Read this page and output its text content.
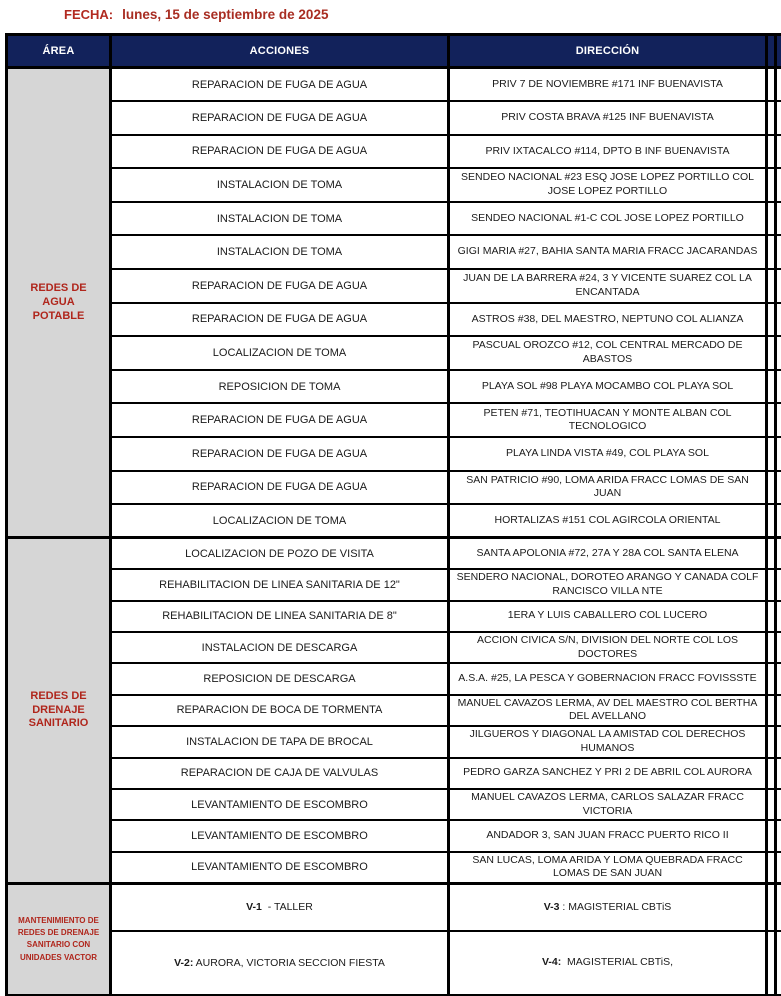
FECHA: lunes, 15 de septiembre de 2025
ÁREA	ACCIONES	DIRECCIÓN		
REDES DE AGUA POTABLE	REPARACION DE FUGA DE AGUA	PRIV 7 DE NOVIEMBRE #171 INF BUENAVISTA		
	REPARACION DE FUGA DE AGUA	PRIV COSTA BRAVA #125 INF BUENAVISTA		
	REPARACION DE FUGA DE AGUA	PRIV IXTACALCO #114, DPTO B INF BUENAVISTA		
	INSTALACION DE TOMA	SENDEO NACIONAL #23 ESQ JOSE LOPEZ PORTILLO COL JOSE LOPEZ PORTILLO		
	INSTALACION DE TOMA	SENDEO NACIONAL #1-C COL JOSE LOPEZ PORTILLO		
	INSTALACION DE TOMA	GIGI MARIA #27, BAHIA SANTA MARIA FRACC JACARANDAS		
	REPARACION DE FUGA DE AGUA	JUAN DE LA BARRERA #24, 3 Y VICENTE SUAREZ COL LA ENCANTADA		
	REPARACION DE FUGA DE AGUA	ASTROS #38, DEL MAESTRO, NEPTUNO COL ALIANZA		
	LOCALIZACION DE TOMA	PASCUAL OROZCO #12, COL CENTRAL MERCADO DE ABASTOS		
	REPOSICION DE TOMA	PLAYA SOL #98 PLAYA MOCAMBO COL PLAYA SOL		
	REPARACION DE FUGA DE AGUA	PETEN #71, TEOTIHUACAN Y MONTE ALBAN COL TECNOLOGICO		
	REPARACION DE FUGA DE AGUA	PLAYA LINDA VISTA #49, COL PLAYA SOL		
	REPARACION DE FUGA DE AGUA	SAN PATRICIO #90, LOMA ARIDA FRACC LOMAS DE SAN JUAN		
	LOCALIZACION DE TOMA	HORTALIZAS #151 COL AGIRCOLA ORIENTAL		
REDES DE DRENAJE SANITARIO	LOCALIZACION DE POZO DE VISITA	SANTA APOLONIA #72, 27A Y 28A COL SANTA ELENA		
	REHABILITACION DE LINEA SANITARIA DE 12"	SENDERO NACIONAL, DOROTEO ARANGO Y CANADA COLF RANCISCO VILLA NTE		
	REHABILITACION DE LINEA SANITARIA DE 8"	1ERA Y LUIS CABALLERO COL LUCERO		
	INSTALACION DE DESCARGA	ACCION CIVICA S/N, DIVISION DEL NORTE COL LOS DOCTORES		
	REPOSICION DE DESCARGA	A.S.A. #25, LA PESCA Y GOBERNACION FRACC FOVISSSTE		
	REPARACION DE BOCA DE TORMENTA	MANUEL CAVAZOS LERMA, AV DEL MAESTRO COL BERTHA DEL AVELLANO		
	INSTALACION DE TAPA DE BROCAL	JILGUEROS Y DIAGONAL LA AMISTAD COL DERECHOS HUMANOS		
	REPARACION DE CAJA DE VALVULAS	PEDRO GARZA SANCHEZ Y PRI 2 DE ABRIL COL AURORA		
	LEVANTAMIENTO DE ESCOMBRO	MANUEL CAVAZOS LERMA, CARLOS SALAZAR FRACC VICTORIA		
	LEVANTAMIENTO DE ESCOMBRO	ANDADOR 3, SAN JUAN FRACC PUERTO RICO II		
	LEVANTAMIENTO DE ESCOMBRO	SAN LUCAS, LOMA ARIDA Y LOMA QUEBRADA FRACC LOMAS DE SAN JUAN		
MANTENIMIENTO DE REDES DE DRENAJE SANITARIO CON UNIDADES VACTOR	V-1  - TALLER	V-3 : MAGISTERIAL CBTiS		
	V-2: AURORA, VICTORIA SECCION FIESTA	V-4:  MAGISTERIAL CBTiS,		
